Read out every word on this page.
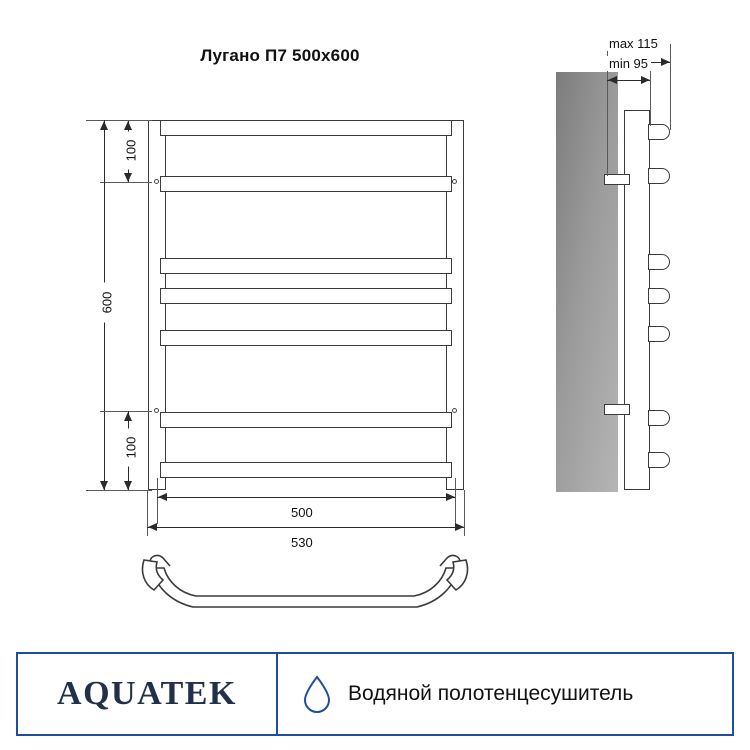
Лугано П7 500х600
100
600
100
500
530
max 115
min 95
AQUATEK	Водяной полотенцесушитель
